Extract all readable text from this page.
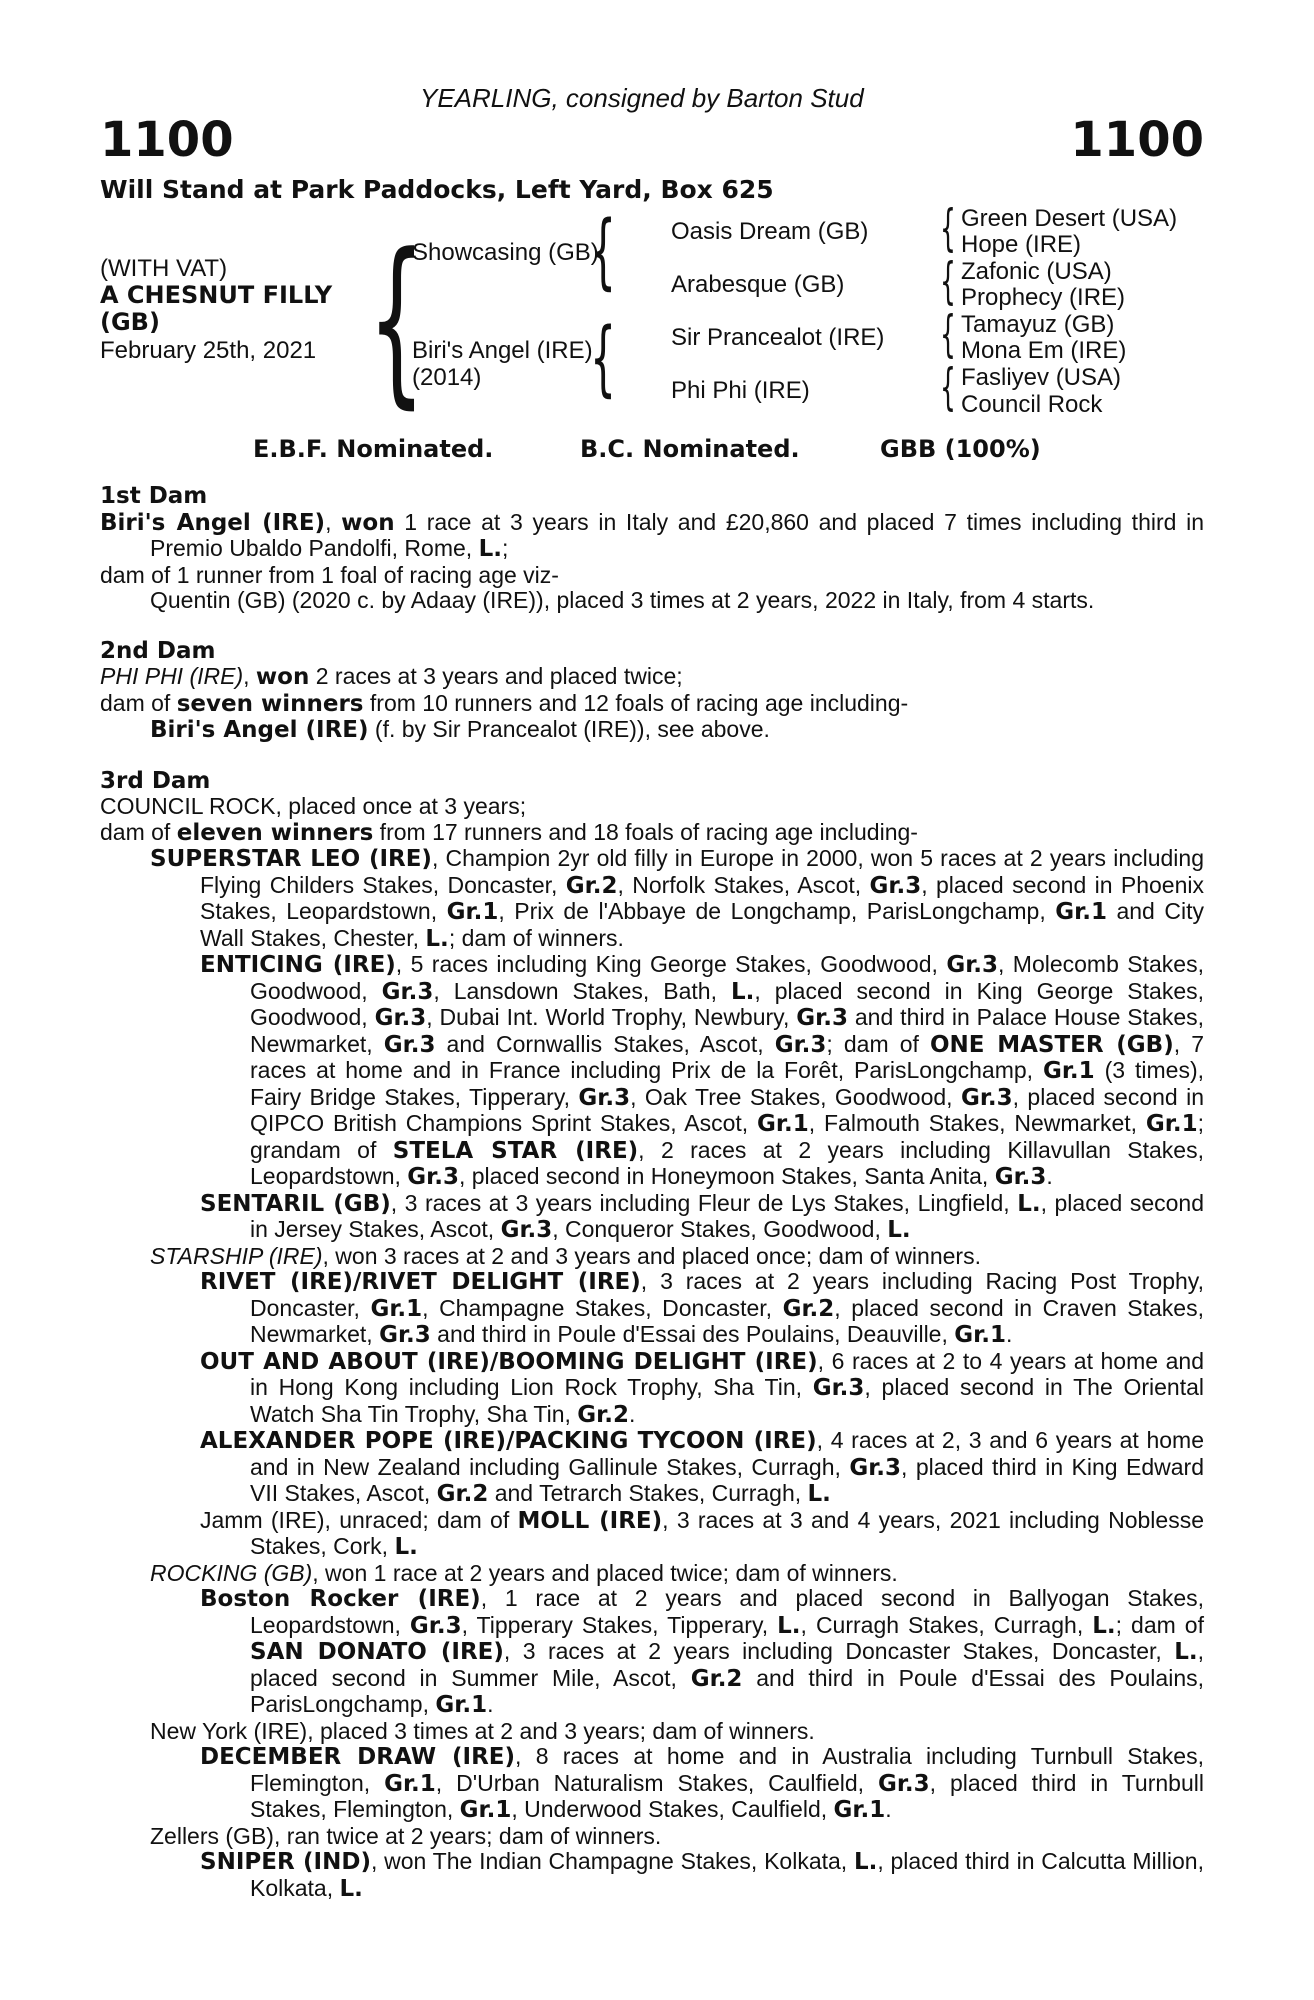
YEARLING, consigned by Barton Stud
1100	1100
Will Stand at Park Paddocks, Left Yard, Box 625
(WITH VAT)
A CHESNUT FILLY
(GB)
February 25th, 2021 {
Showcasing (GB)
Biri's Angel (IRE)
(2014)
{
{
Oasis Dream (GB)
Arabesque (GB)
Sir Prancealot (IRE)
Phi Phi (IRE)
{
{
{
{
Green Desert (USA)
Hope (IRE)
Zafonic (USA)
Prophecy (IRE)
Tamayuz (GB)
Mona Em (IRE)
Fasliyev (USA)
Council Rock
E.B.F. Nominated.	B.C. Nominated.	GBB (100%)
1st Dam
Biri's Angel (IRE), won 1 race at 3 years in Italy and £20,860 and placed 7 times including third in Premio Ubaldo Pandolfi, Rome, L.;
dam of 1 runner from 1 foal of racing age viz-
Quentin (GB) (2020 c. by Adaay (IRE)), placed 3 times at 2 years, 2022 in Italy, from 4 starts.
2nd Dam
PHI PHI (IRE), won 2 races at 3 years and placed twice;
dam of seven winners from 10 runners and 12 foals of racing age including-
Biri's Angel (IRE) (f. by Sir Prancealot (IRE)), see above.
3rd Dam
COUNCIL ROCK, placed once at 3 years;
dam of eleven winners from 17 runners and 18 foals of racing age including-
SUPERSTAR LEO (IRE), Champion 2yr old filly in Europe in 2000, won 5 races at 2 years including Flying Childers Stakes, Doncaster, Gr.2, Norfolk Stakes, Ascot, Gr.3, placed second in Phoenix Stakes, Leopardstown, Gr.1, Prix de l'Abbaye de Longchamp, ParisLongchamp, Gr.1 and City Wall Stakes, Chester, L.; dam of winners.
ENTICING (IRE), 5 races including King George Stakes, Goodwood, Gr.3, Molecomb Stakes, Goodwood, Gr.3, Lansdown Stakes, Bath, L., placed second in King George Stakes, Goodwood, Gr.3, Dubai Int. World Trophy, Newbury, Gr.3 and third in Palace House Stakes, Newmarket, Gr.3 and Cornwallis Stakes, Ascot, Gr.3; dam of ONE MASTER (GB), 7 races at home and in France including Prix de la Forêt, ParisLongchamp, Gr.1 (3 times), Fairy Bridge Stakes, Tipperary, Gr.3, Oak Tree Stakes, Goodwood, Gr.3, placed second in QIPCO British Champions Sprint Stakes, Ascot, Gr.1, Falmouth Stakes, Newmarket, Gr.1; grandam of STELA STAR (IRE), 2 races at 2 years including Killavullan Stakes, Leopardstown, Gr.3, placed second in Honeymoon Stakes, Santa Anita, Gr.3.
SENTARIL (GB), 3 races at 3 years including Fleur de Lys Stakes, Lingfield, L., placed second in Jersey Stakes, Ascot, Gr.3, Conqueror Stakes, Goodwood, L.
STARSHIP (IRE), won 3 races at 2 and 3 years and placed once; dam of winners.
RIVET (IRE)/RIVET DELIGHT (IRE), 3 races at 2 years including Racing Post Trophy, Doncaster, Gr.1, Champagne Stakes, Doncaster, Gr.2, placed second in Craven Stakes, Newmarket, Gr.3 and third in Poule d'Essai des Poulains, Deauville, Gr.1.
OUT AND ABOUT (IRE)/BOOMING DELIGHT (IRE), 6 races at 2 to 4 years at home and in Hong Kong including Lion Rock Trophy, Sha Tin, Gr.3, placed second in The Oriental Watch Sha Tin Trophy, Sha Tin, Gr.2.
ALEXANDER POPE (IRE)/PACKING TYCOON (IRE), 4 races at 2, 3 and 6 years at home and in New Zealand including Gallinule Stakes, Curragh, Gr.3, placed third in King Edward VII Stakes, Ascot, Gr.2 and Tetrarch Stakes, Curragh, L.
Jamm (IRE), unraced; dam of MOLL (IRE), 3 races at 3 and 4 years, 2021 including Noblesse Stakes, Cork, L.
ROCKING (GB), won 1 race at 2 years and placed twice; dam of winners.
Boston Rocker (IRE), 1 race at 2 years and placed second in Ballyogan Stakes, Leopardstown, Gr.3, Tipperary Stakes, Tipperary, L., Curragh Stakes, Curragh, L.; dam of SAN DONATO (IRE), 3 races at 2 years including Doncaster Stakes, Doncaster, L., placed second in Summer Mile, Ascot, Gr.2 and third in Poule d'Essai des Poulains, ParisLongchamp, Gr.1.
New York (IRE), placed 3 times at 2 and 3 years; dam of winners.
DECEMBER DRAW (IRE), 8 races at home and in Australia including Turnbull Stakes, Flemington, Gr.1, D'Urban Naturalism Stakes, Caulfield, Gr.3, placed third in Turnbull Stakes, Flemington, Gr.1, Underwood Stakes, Caulfield, Gr.1.
Zellers (GB), ran twice at 2 years; dam of winners.
SNIPER (IND), won The Indian Champagne Stakes, Kolkata, L., placed third in Calcutta Million, Kolkata, L.
